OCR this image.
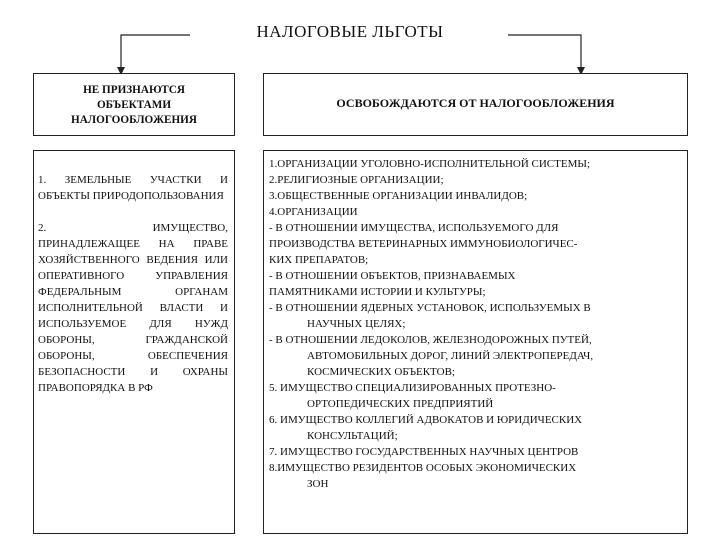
НАЛОГОВЫЕ ЛЬГОТЫ
НЕ ПРИЗНАЮТСЯ
ОБЪЕКТАМИ
НАЛОГООБЛОЖЕНИЯ
ОСВОБОЖДАЮТСЯ ОТ НАЛОГООБЛОЖЕНИЯ

1. ЗЕМЕЛЬНЫЕ УЧАСТКИ И ОБЪЕКТЫ ПРИРОДОПОЛЬЗОВАНИЯ

2. ИМУЩЕСТВО, ПРИНАДЛЕЖАЩЕЕ НА ПРАВЕ ХОЗЯЙСТВЕННОГО ВЕДЕНИЯ ИЛИ ОПЕРАТИВНОГО УПРАВЛЕНИЯ ФЕДЕРАЛЬНЫМ ОРГАНАМ ИСПОЛНИТЕЛЬНОЙ ВЛАСТИ И ИСПОЛЬЗУЕМОЕ ДЛЯ НУЖД ОБОРОНЫ, ГРАЖДАНСКОЙ ОБОРОНЫ, ОБЕСПЕЧЕНИЯ БЕЗОПАСНОСТИ И ОХРАНЫ ПРАВОПОРЯДКА В РФ

1.ОРГАНИЗАЦИИ УГОЛОВНО-ИСПОЛНИТЕЛЬНОЙ СИСТЕМЫ;
2.РЕЛИГИОЗНЫЕ ОРГАНИЗАЦИИ;
3.ОБЩЕСТВЕННЫЕ ОРГАНИЗАЦИИ ИНВАЛИДОВ;
4.ОРГАНИЗАЦИИ
- В ОТНОШЕНИИ ИМУЩЕСТВА, ИСПОЛЬЗУЕМОГО ДЛЯ
ПРОИЗВОДСТВА ВЕТЕРИНАРНЫХ ИММУНОБИОЛОГИЧЕС-
КИХ ПРЕПАРАТОВ;
- В ОТНОШЕНИИ ОБЪЕКТОВ, ПРИЗНАВАЕМЫХ
ПАМЯТНИКАМИ ИСТОРИИ И КУЛЬТУРЫ;
- В ОТНОШЕНИИ ЯДЕРНЫХ УСТАНОВОК, ИСПОЛЬЗУЕМЫХ В
НАУЧНЫХ ЦЕЛЯХ;
- В ОТНОШЕНИИ ЛЕДОКОЛОВ, ЖЕЛЕЗНОДОРОЖНЫХ ПУТЕЙ,
АВТОМОБИЛЬНЫХ ДОРОГ, ЛИНИЙ ЭЛЕКТРОПЕРЕДАЧ,
КОСМИЧЕСКИХ ОБЪЕКТОВ;
5. ИМУЩЕСТВО СПЕЦИАЛИЗИРОВАННЫХ ПРОТЕЗНО-
ОРТОПЕДИЧЕСКИХ ПРЕДПРИЯТИЙ
6. ИМУЩЕСТВО КОЛЛЕГИЙ АДВОКАТОВ И ЮРИДИЧЕСКИХ
КОНСУЛЬТАЦИЙ;
7. ИМУЩЕСТВО ГОСУДАРСТВЕННЫХ НАУЧНЫХ ЦЕНТРОВ
8.ИМУЩЕСТВО РЕЗИДЕНТОВ ОСОБЫХ ЭКОНОМИЧЕСКИХ
ЗОН
